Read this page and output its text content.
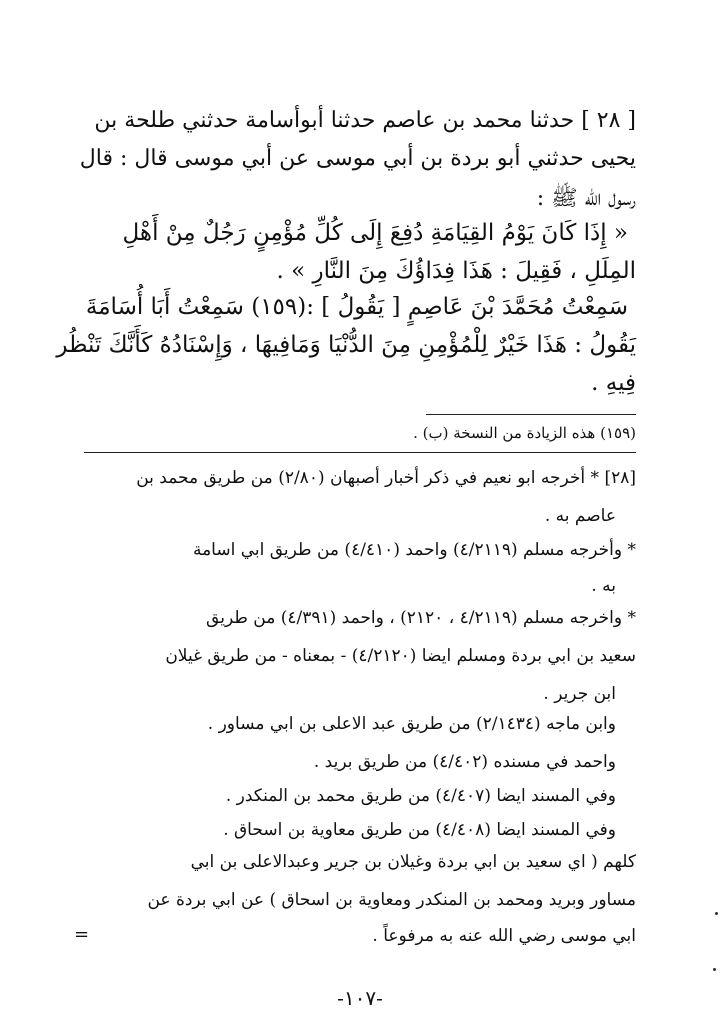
[ ٢٨ ] حدثنا محمد بن عاصم حدثنا أبوأسامة حدثني طلحة بن
يحيى حدثني أبو بردة بن أبي موسى عن أبي موسى قال : قال
رسول الله ﷺ :
« إِذَا كَانَ يَوْمُ القِيَامَةِ دُفِعَ إِلَى كُلِّ مُؤْمِنٍ رَجُلٌ مِنْ أَهْلِ
المِلَلِ ، فَقِيلَ : هَذَا فِدَاؤُكَ مِنَ النَّارِ » .
سَمِعْتُ مُحَمَّدَ بْنَ عَاصِمٍ [ يَقُولُ ] :(١٥٩) سَمِعْتُ أَبَا أُسَامَةَ
يَقُولُ : هَذَا خَيْرٌ لِلْمُؤْمِنِ مِنَ الدُّنْيَا وَمَافِيهَا ، وَإِسْنَادُهُ كَأَنَّكَ تَنْظُر
فِيهِ .
(١٥٩) هذه الزيادة من النسخة (ب) .
[٢٨] * أخرجه ابو نعيم في ذكر أخبار أصبهان (٢/٨٠) من طريق محمد بن
عاصم به .
* وأخرجه مسلم (٤/٢١١٩) واحمد (٤/٤١٠) من طريق ابي اسامة
به .
* واخرجه مسلم (٤/٢١١٩ ، ٢١٢٠) ، واحمد (٤/٣٩١) من طريق
سعيد بن ابي بردة ومسلم ايضا (٤/٢١٢٠) - بمعناه - من طريق غيلان
ابن جرير .
وابن ماجه (٢/١٤٣٤) من طريق عبد الاعلى بن ابي مساور .
واحمد في مسنده (٤/٤٠٢) من طريق بريد .
وفي المسند ايضا (٤/٤٠٧) من طريق محمد بن المنكدر .
وفي المسند ايضا (٤/٤٠٨) من طريق معاوية بن اسحاق .
كلهم ( اي سعيد بن ابي بردة وغيلان بن جرير وعبدالاعلى بن ابي
مساور وبريد ومحمد بن المنكدر ومعاوية بن اسحاق ) عن ابي بردة عن
ابي موسى رضي الله عنه به مرفوعاً .
=
-١٠٧-
